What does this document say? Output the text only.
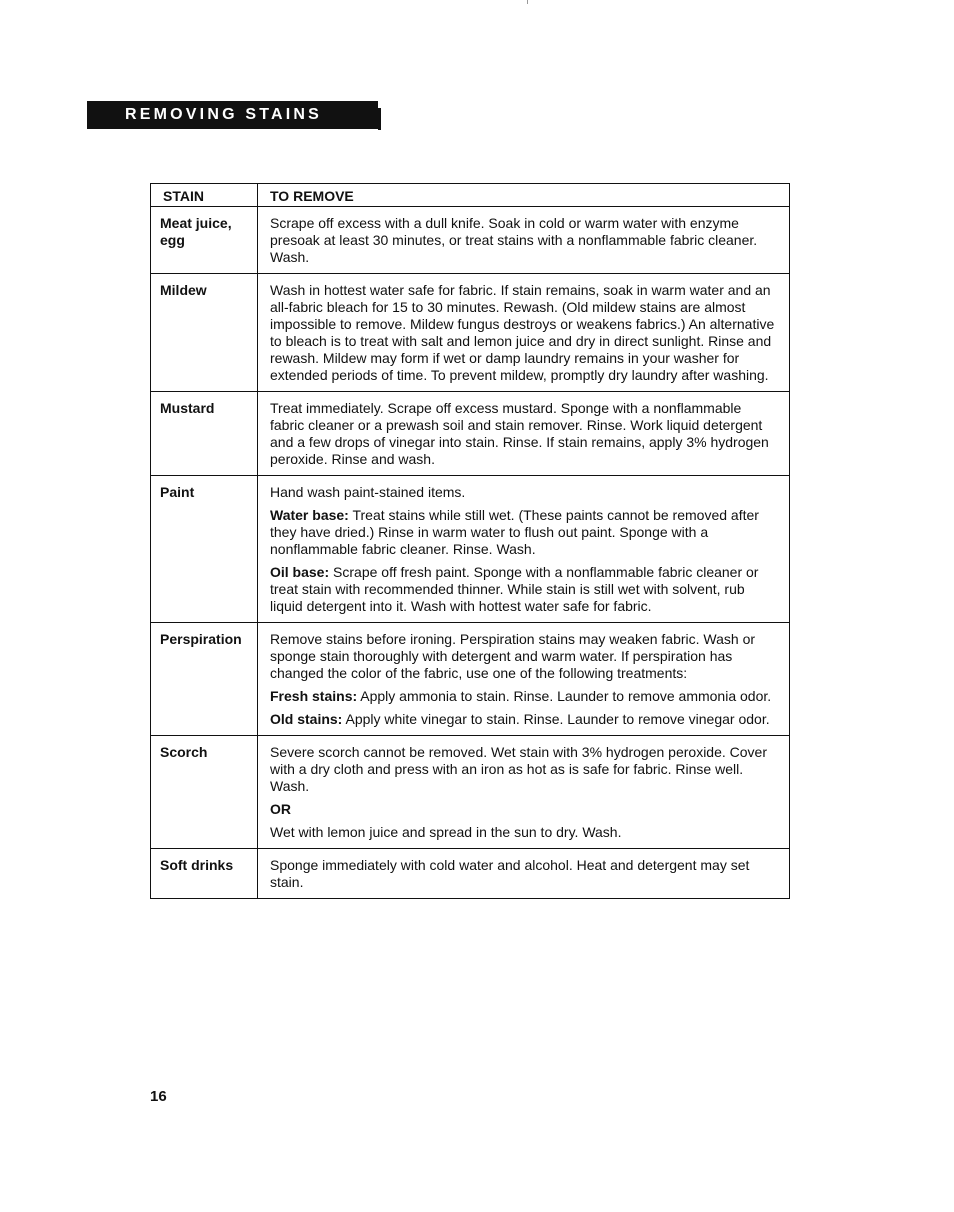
REMOVING STAINS
STAIN	TO REMOVE
Meat juice, egg	Scrape off excess with a dull knife. Soak in cold or warm water with enzyme presoak at least 30 minutes, or treat stains with a nonflammable fabric cleaner. Wash.

Mildew	Wash in hottest water safe for fabric. If stain remains, soak in warm water and an all-fabric bleach for 15 to 30 minutes. Rewash. (Old mildew stains are almost impossible to remove. Mildew fungus destroys or weakens fabrics.) An alternative to bleach is to treat with salt and lemon juice and dry in direct sunlight. Rinse and rewash. Mildew may form if wet or damp laundry remains in your washer for extended periods of time. To prevent mildew, promptly dry laundry after washing.

Mustard	Treat immediately. Scrape off excess mustard. Sponge with a nonflammable fabric cleaner or a prewash soil and stain remover. Rinse. Work liquid detergent and a few drops of vinegar into stain. Rinse. If stain remains, apply 3% hydrogen peroxide. Rinse and wash.

Paint	Hand wash paint-stained items.

Water base: Treat stains while still wet. (These paints cannot be removed after they have dried.) Rinse in warm water to flush out paint. Sponge with a nonflammable fabric cleaner. Rinse. Wash.

Oil base: Scrape off fresh paint. Sponge with a nonflammable fabric cleaner or treat stain with recommended thinner. While stain is still wet with solvent, rub liquid detergent into it. Wash with hottest water safe for fabric.

Perspiration	Remove stains before ironing. Perspiration stains may weaken fabric. Wash or sponge stain thoroughly with detergent and warm water. If perspiration has changed the color of the fabric, use one of the following treatments:

Fresh stains: Apply ammonia to stain. Rinse. Launder to remove ammonia odor.

Old stains: Apply white vinegar to stain. Rinse. Launder to remove vinegar odor.

Scorch	Severe scorch cannot be removed. Wet stain with 3% hydrogen peroxide. Cover with a dry cloth and press with an iron as hot as is safe for fabric. Rinse well. Wash.

OR

Wet with lemon juice and spread in the sun to dry. Wash.

Soft drinks	Sponge immediately with cold water and alcohol. Heat and detergent may set stain.

16
